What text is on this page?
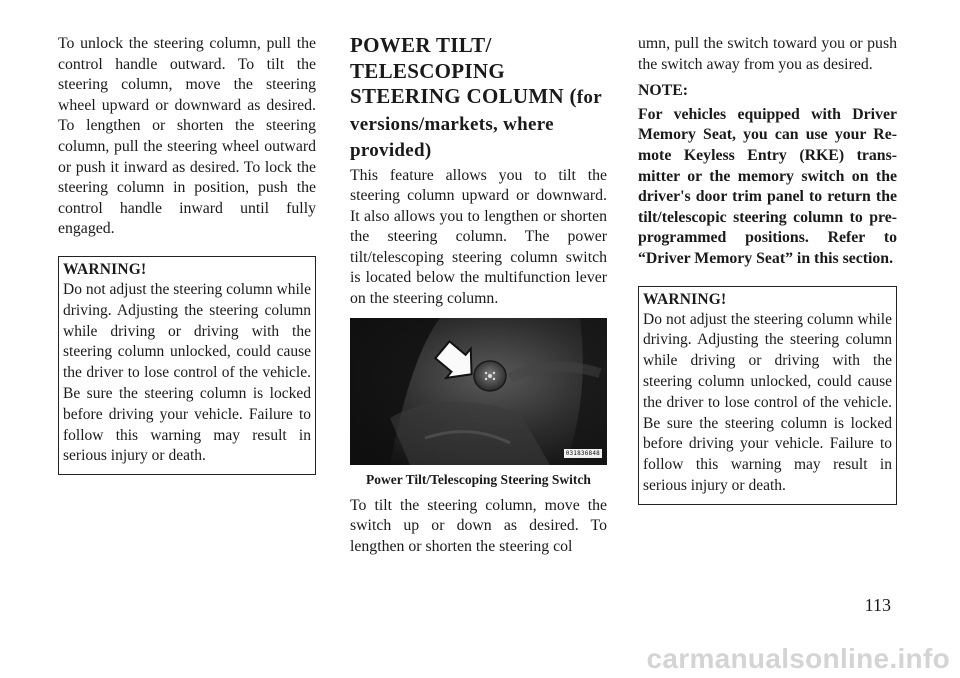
To unlock the steering column, pull the control handle outward. To tilt the steering column, move the steering wheel upward or downward as desired. To lengthen or shorten the steering column, pull the steering wheel outward or push it inward as desired. To lock the steering column in position, push the control handle inward until fully engaged.

WARNING!
Do not adjust the steering column while driving. Adjusting the steering column while driving or driving with the steering column unlocked, could cause the driver to lose control of the vehicle. Be sure the steering column is locked before driving your vehicle. Failure to follow this warning may result in serious injury or death.
POWER TILT/ TELESCOPING STEERING COLUMN (for versions/markets, where provided)

This feature allows you to tilt the steering column upward or downward. It also allows you to lengthen or shorten the steering column. The power tilt/telescoping steering column switch is located below the multifunction lever on the steering column.

031836848
Power Tilt/Telescoping Steering Switch

To tilt the steering column, move the switch up or down as desired. To lengthen or shorten the steering col

umn, pull the switch toward you or push the switch away from you as desired.

NOTE:

For vehicles equipped with Driver Memory Seat, you can use your Remote Keyless Entry (RKE) transmitter or the memory switch on the driver's door trim panel to return the tilt/telescopic steering column to pre-programmed positions. Refer to “Driver Memory Seat” in this section.

WARNING!
Do not adjust the steering column while driving. Adjusting the steering column while driving or driving with the steering column unlocked, could cause the driver to lose control of the vehicle. Be sure the steering column is locked before driving your vehicle. Failure to follow this warning may result in serious injury or death.
113
carmanualsonline.info
